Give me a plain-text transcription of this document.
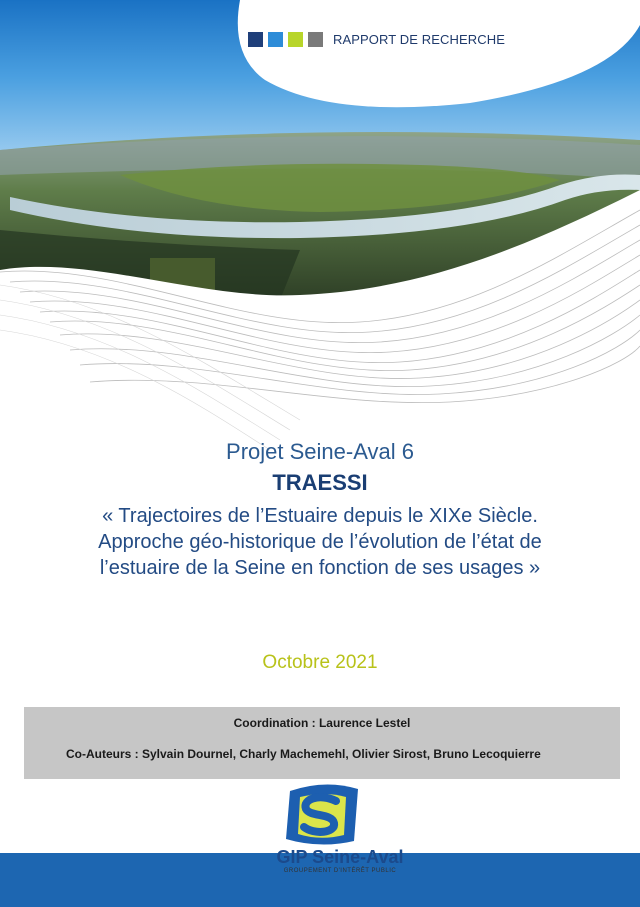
RAPPORT DE RECHERCHE
Projet Seine-Aval 6
TRAESSI
« Trajectoires de l’Estuaire depuis le XIXe Siècle.
Approche géo-historique de l’évolution de l’état de
l’estuaire de la Seine en fonction de ses usages »
Octobre 2021
Coordination : Laurence Lestel
Co-Auteurs : Sylvain Dournel, Charly Machemehl, Olivier Sirost, Bruno Lecoquierre
GIP Seine-Aval
GROUPEMENT D'INTÉRÊT PUBLIC
